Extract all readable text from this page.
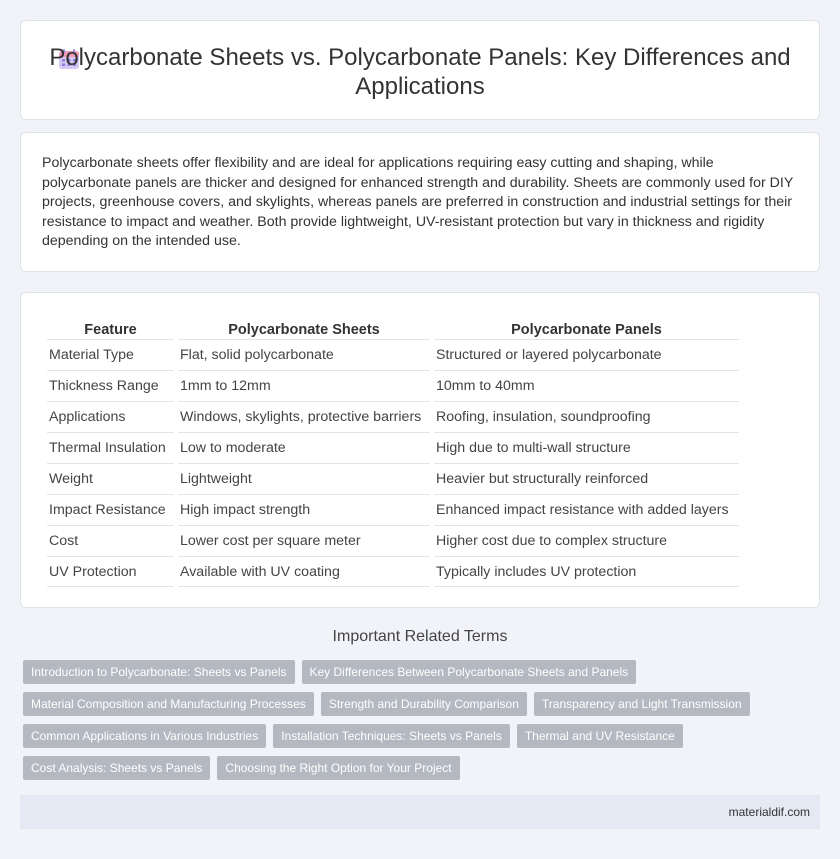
Polycarbonate Sheets vs. Polycarbonate Panels: Key Differences and Applications

Polycarbonate sheets offer flexibility and are ideal for applications requiring easy cutting and shaping, while polycarbonate panels are thicker and designed for enhanced strength and durability. Sheets are commonly used for DIY projects, greenhouse covers, and skylights, whereas panels are preferred in construction and industrial settings for their resistance to impact and weather. Both provide lightweight, UV-resistant protection but vary in thickness and rigidity depending on the intended use.

Feature	Polycarbonate Sheets	Polycarbonate Panels
Material Type	Flat, solid polycarbonate	Structured or layered polycarbonate
Thickness Range	1mm to 12mm	10mm to 40mm
Applications	Windows, skylights, protective barriers	Roofing, insulation, soundproofing
Thermal Insulation	Low to moderate	High due to multi-wall structure
Weight	Lightweight	Heavier but structurally reinforced
Impact Resistance	High impact strength	Enhanced impact resistance with added layers
Cost	Lower cost per square meter	Higher cost due to complex structure
UV Protection	Available with UV coating	Typically includes UV protection
Important Related Terms
Introduction to Polycarbonate: Sheets vs Panels	Key Differences Between Polycarbonate Sheets and Panels
Material Composition and Manufacturing Processes	Strength and Durability Comparison	Transparency and Light Transmission
Common Applications in Various Industries	Installation Techniques: Sheets vs Panels	Thermal and UV Resistance
Cost Analysis: Sheets vs Panels	Choosing the Right Option for Your Project
materialdif.com
